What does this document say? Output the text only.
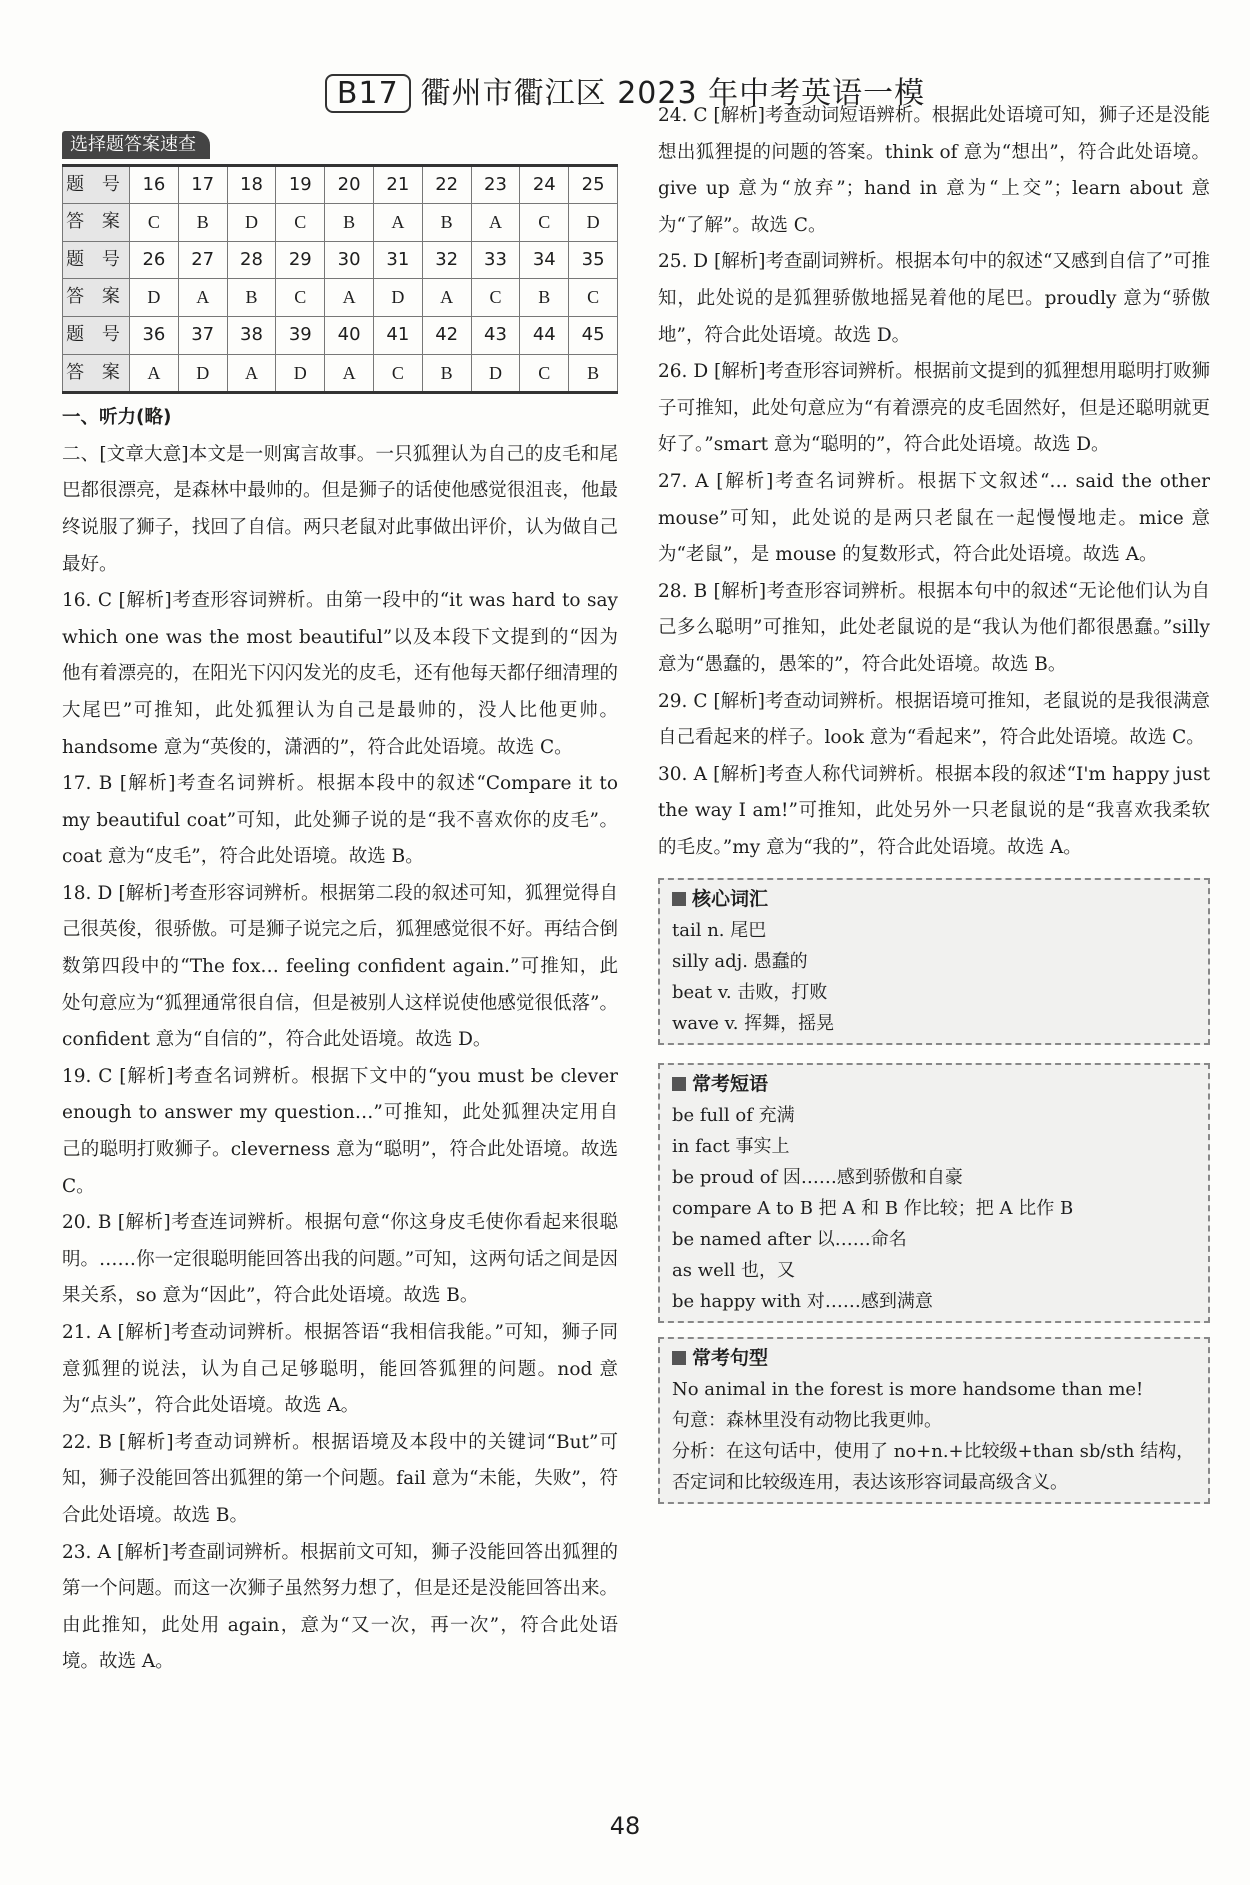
B17 衢州市衢江区 2023 年中考英语一模
选择题答案速查
题 号	16	17	18	19	20	21	22	23	24	25
答 案	C	B	D	C	B	A	B	A	C	D
题 号	26	27	28	29	30	31	32	33	34	35
答 案	D	A	B	C	A	D	A	C	B	C
题 号	36	37	38	39	40	41	42	43	44	45
答 案	A	D	A	D	A	C	B	D	C	B

一、听力(略)

二、[文章大意]本文是一则寓言故事。一只狐狸认为自己的皮毛和尾巴都很漂亮，是森林中最帅的。但是狮子的话使他感觉很沮丧，他最终说服了狮子，找回了自信。两只老鼠对此事做出评价，认为做自己最好。

16. C [解析]考查形容词辨析。由第一段中的“it was hard to say which one was the most beautiful”以及本段下文提到的“因为他有着漂亮的，在阳光下闪闪发光的皮毛，还有他每天都仔细清理的大尾巴”可推知，此处狐狸认为自己是最帅的，没人比他更帅。handsome 意为“英俊的，潇洒的”，符合此处语境。故选 C。

17. B [解析]考查名词辨析。根据本段中的叙述“Compare it to my beautiful coat”可知，此处狮子说的是“我不喜欢你的皮毛”。coat 意为“皮毛”，符合此处语境。故选 B。

18. D [解析]考查形容词辨析。根据第二段的叙述可知，狐狸觉得自己很英俊，很骄傲。可是狮子说完之后，狐狸感觉很不好。再结合倒数第四段中的“The fox… feeling confident again.”可推知，此处句意应为“狐狸通常很自信，但是被别人这样说使他感觉很低落”。confident 意为“自信的”，符合此处语境。故选 D。

19. C [解析]考查名词辨析。根据下文中的“you must be clever enough to answer my question…”可推知，此处狐狸决定用自己的聪明打败狮子。cleverness 意为“聪明”，符合此处语境。故选 C。

20. B [解析]考查连词辨析。根据句意“你这身皮毛使你看起来很聪明。……你一定很聪明能回答出我的问题。”可知，这两句话之间是因果关系，so 意为“因此”，符合此处语境。故选 B。

21. A [解析]考查动词辨析。根据答语“我相信我能。”可知，狮子同意狐狸的说法，认为自己足够聪明，能回答狐狸的问题。nod 意为“点头”，符合此处语境。故选 A。

22. B [解析]考查动词辨析。根据语境及本段中的关键词“But”可知，狮子没能回答出狐狸的第一个问题。fail 意为“未能，失败”，符合此处语境。故选 B。

23. A [解析]考查副词辨析。根据前文可知，狮子没能回答出狐狸的第一个问题。而这一次狮子虽然努力想了，但是还是没能回答出来。由此推知，此处用 again，意为“又一次，再一次”，符合此处语境。故选 A。

24. C [解析]考查动词短语辨析。根据此处语境可知，狮子还是没能想出狐狸提的问题的答案。think of 意为“想出”，符合此处语境。give up 意为“放弃”；hand in 意为“上交”；learn about 意为“了解”。故选 C。

25. D [解析]考查副词辨析。根据本句中的叙述“又感到自信了”可推知，此处说的是狐狸骄傲地摇晃着他的尾巴。proudly 意为“骄傲地”，符合此处语境。故选 D。

26. D [解析]考查形容词辨析。根据前文提到的狐狸想用聪明打败狮子可推知，此处句意应为“有着漂亮的皮毛固然好，但是还聪明就更好了。”smart 意为“聪明的”，符合此处语境。故选 D。

27. A [解析]考查名词辨析。根据下文叙述“… said the other mouse”可知，此处说的是两只老鼠在一起慢慢地走。mice 意为“老鼠”，是 mouse 的复数形式，符合此处语境。故选 A。

28. B [解析]考查形容词辨析。根据本句中的叙述“无论他们认为自己多么聪明”可推知，此处老鼠说的是“我认为他们都很愚蠢。”silly 意为“愚蠢的，愚笨的”，符合此处语境。故选 B。

29. C [解析]考查动词辨析。根据语境可推知，老鼠说的是我很满意自己看起来的样子。look 意为“看起来”，符合此处语境。故选 C。

30. A [解析]考查人称代词辨析。根据本段的叙述“I'm happy just the way I am!”可推知，此处另外一只老鼠说的是“我喜欢我柔软的毛皮。”my 意为“我的”，符合此处语境。故选 A。

核心词汇
tail n. 尾巴
silly adj. 愚蠢的
beat v. 击败，打败
wave v. 挥舞，摇晃
常考短语
be full of 充满
in fact 事实上
be proud of 因……感到骄傲和自豪
compare A to B 把 A 和 B 作比较；把 A 比作 B
be named after 以……命名
as well 也，又
be happy with 对……感到满意
常考句型
No animal in the forest is more handsome than me!
句意：森林里没有动物比我更帅。
分析：在这句话中，使用了 no+n.+比较级+than sb/sth 结构，否定词和比较级连用，表达该形容词最高级含义。
48
